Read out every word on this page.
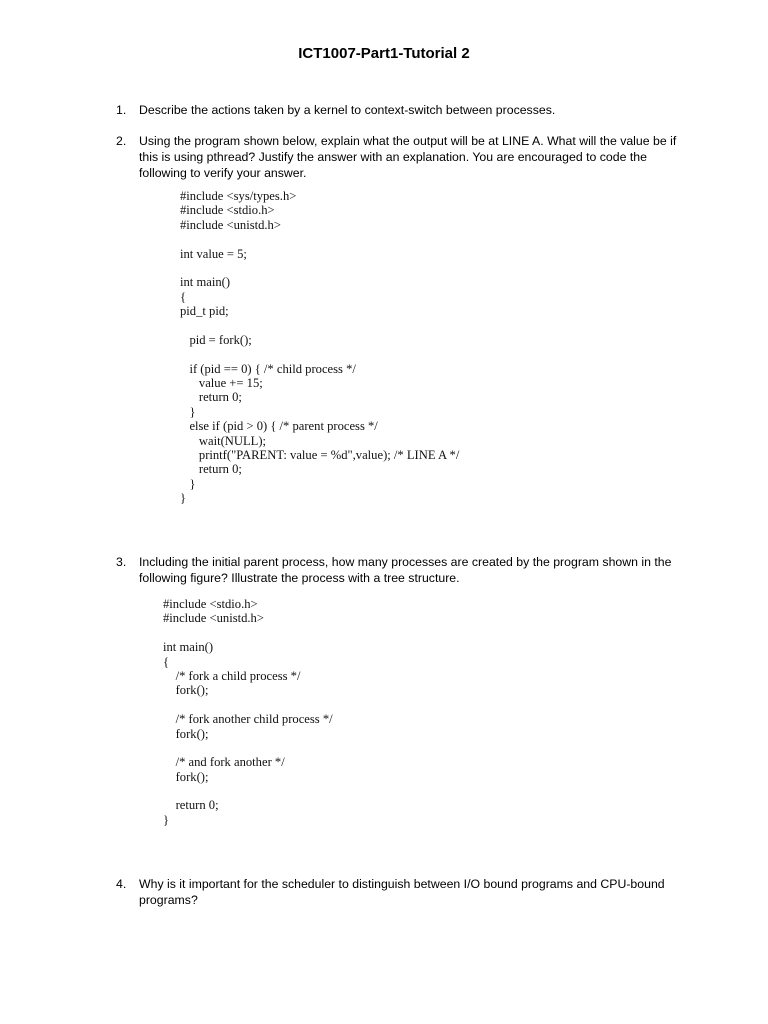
ICT1007-Part1-Tutorial 2
1. Describe the actions taken by a kernel to context-switch between processes.
2. Using the program shown below, explain what the output will be at LINE A. What will the value be if this is using pthread? Justify the answer with an explanation. You are encouraged to code the following to verify your answer.
#include <sys/types.h>
#include <stdio.h>
#include <unistd.h>
int value = 5;
int main()
{
pid_t pid;
pid = fork();
if (pid == 0) { /* child process */
value += 15;
return 0;
}
else if (pid > 0) { /* parent process */
wait(NULL);
printf("PARENT: value = %d",value); /* LINE A */
return 0;
}
}
3. Including the initial parent process, how many processes are created by the program shown in the following figure? Illustrate the process with a tree structure.
#include <stdio.h>
#include <unistd.h>
int main()
{
/* fork a child process */
fork();
/* fork another child process */
fork();
/* and fork another */
fork();
return 0;
}
4. Why is it important for the scheduler to distinguish between I/O bound programs and CPU-bound programs?
